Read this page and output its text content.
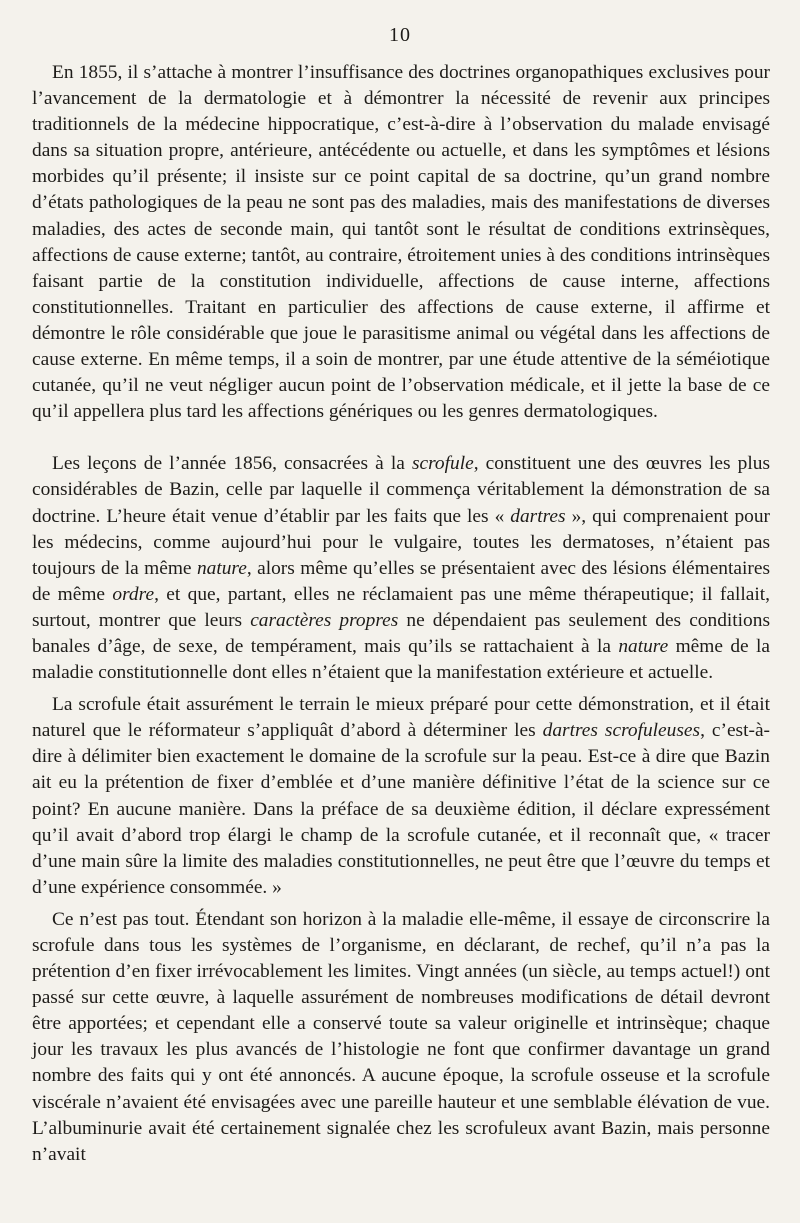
10

En 1855, il s’attache à montrer l’insuffisance des doctrines organopathiques exclusives pour l’avancement de la dermatologie et à démontrer la nécessité de revenir aux principes traditionnels de la médecine hippocratique, c’est-à-dire à l’observation du malade envisagé dans sa situation propre, antérieure, antécédente ou actuelle, et dans les symptômes et lésions morbides qu’il présente; il insiste sur ce point capital de sa doctrine, qu’un grand nombre d’états pathologiques de la peau ne sont pas des maladies, mais des manifestations de diverses maladies, des actes de seconde main, qui tantôt sont le résultat de conditions extrinsèques, affections de cause externe; tantôt, au contraire, étroitement unies à des conditions intrinsèques faisant partie de la constitution individuelle, affections de cause interne, affections constitutionnelles. Traitant en particulier des affections de cause externe, il affirme et démontre le rôle considérable que joue le parasitisme animal ou végétal dans les affections de cause externe. En même temps, il a soin de montrer, par une étude attentive de la séméiotique cutanée, qu’il ne veut négliger aucun point de l’observation médicale, et il jette la base de ce qu’il appellera plus tard les affections génériques ou les genres dermatologiques.

Les leçons de l’année 1856, consacrées à la scrofule, constituent une des œuvres les plus considérables de Bazin, celle par laquelle il commença véritablement la démonstration de sa doctrine. L’heure était venue d’établir par les faits que les « dartres », qui comprenaient pour les médecins, comme aujourd’hui pour le vulgaire, toutes les dermatoses, n’étaient pas toujours de la même nature, alors même qu’elles se présentaient avec des lésions élémentaires de même ordre, et que, partant, elles ne réclamaient pas une même thérapeutique; il fallait, surtout, montrer que leurs caractères propres ne dépendaient pas seulement des conditions banales d’âge, de sexe, de tempérament, mais qu’ils se rattachaient à la nature même de la maladie constitutionnelle dont elles n’étaient que la manifestation extérieure et actuelle.

La scrofule était assurément le terrain le mieux préparé pour cette démonstration, et il était naturel que le réformateur s’appliquât d’abord à déterminer les dartres scrofuleuses, c’est-à-dire à délimiter bien exactement le domaine de la scrofule sur la peau. Est-ce à dire que Bazin ait eu la prétention de fixer d’emblée et d’une manière définitive l’état de la science sur ce point? En aucune manière. Dans la préface de sa deuxième édition, il déclare expressément qu’il avait d’abord trop élargi le champ de la scrofule cutanée, et il reconnaît que, « tracer d’une main sûre la limite des maladies constitutionnelles, ne peut être que l’œuvre du temps et d’une expérience consommée. »

Ce n’est pas tout. Étendant son horizon à la maladie elle-même, il essaye de circonscrire la scrofule dans tous les systèmes de l’organisme, en déclarant, de rechef, qu’il n’a pas la prétention d’en fixer irrévocablement les limites. Vingt années (un siècle, au temps actuel!) ont passé sur cette œuvre, à laquelle assurément de nombreuses modifications de détail devront être apportées; et cependant elle a conservé toute sa valeur originelle et intrinsèque; chaque jour les travaux les plus avancés de l’histologie ne font que confirmer davantage un grand nombre des faits qui y ont été annoncés. A aucune époque, la scrofule osseuse et la scrofule viscérale n’avaient été envisagées avec une pareille hauteur et une semblable élévation de vue. L’albuminurie avait été certainement signalée chez les scrofuleux avant Bazin, mais personne n’avait
